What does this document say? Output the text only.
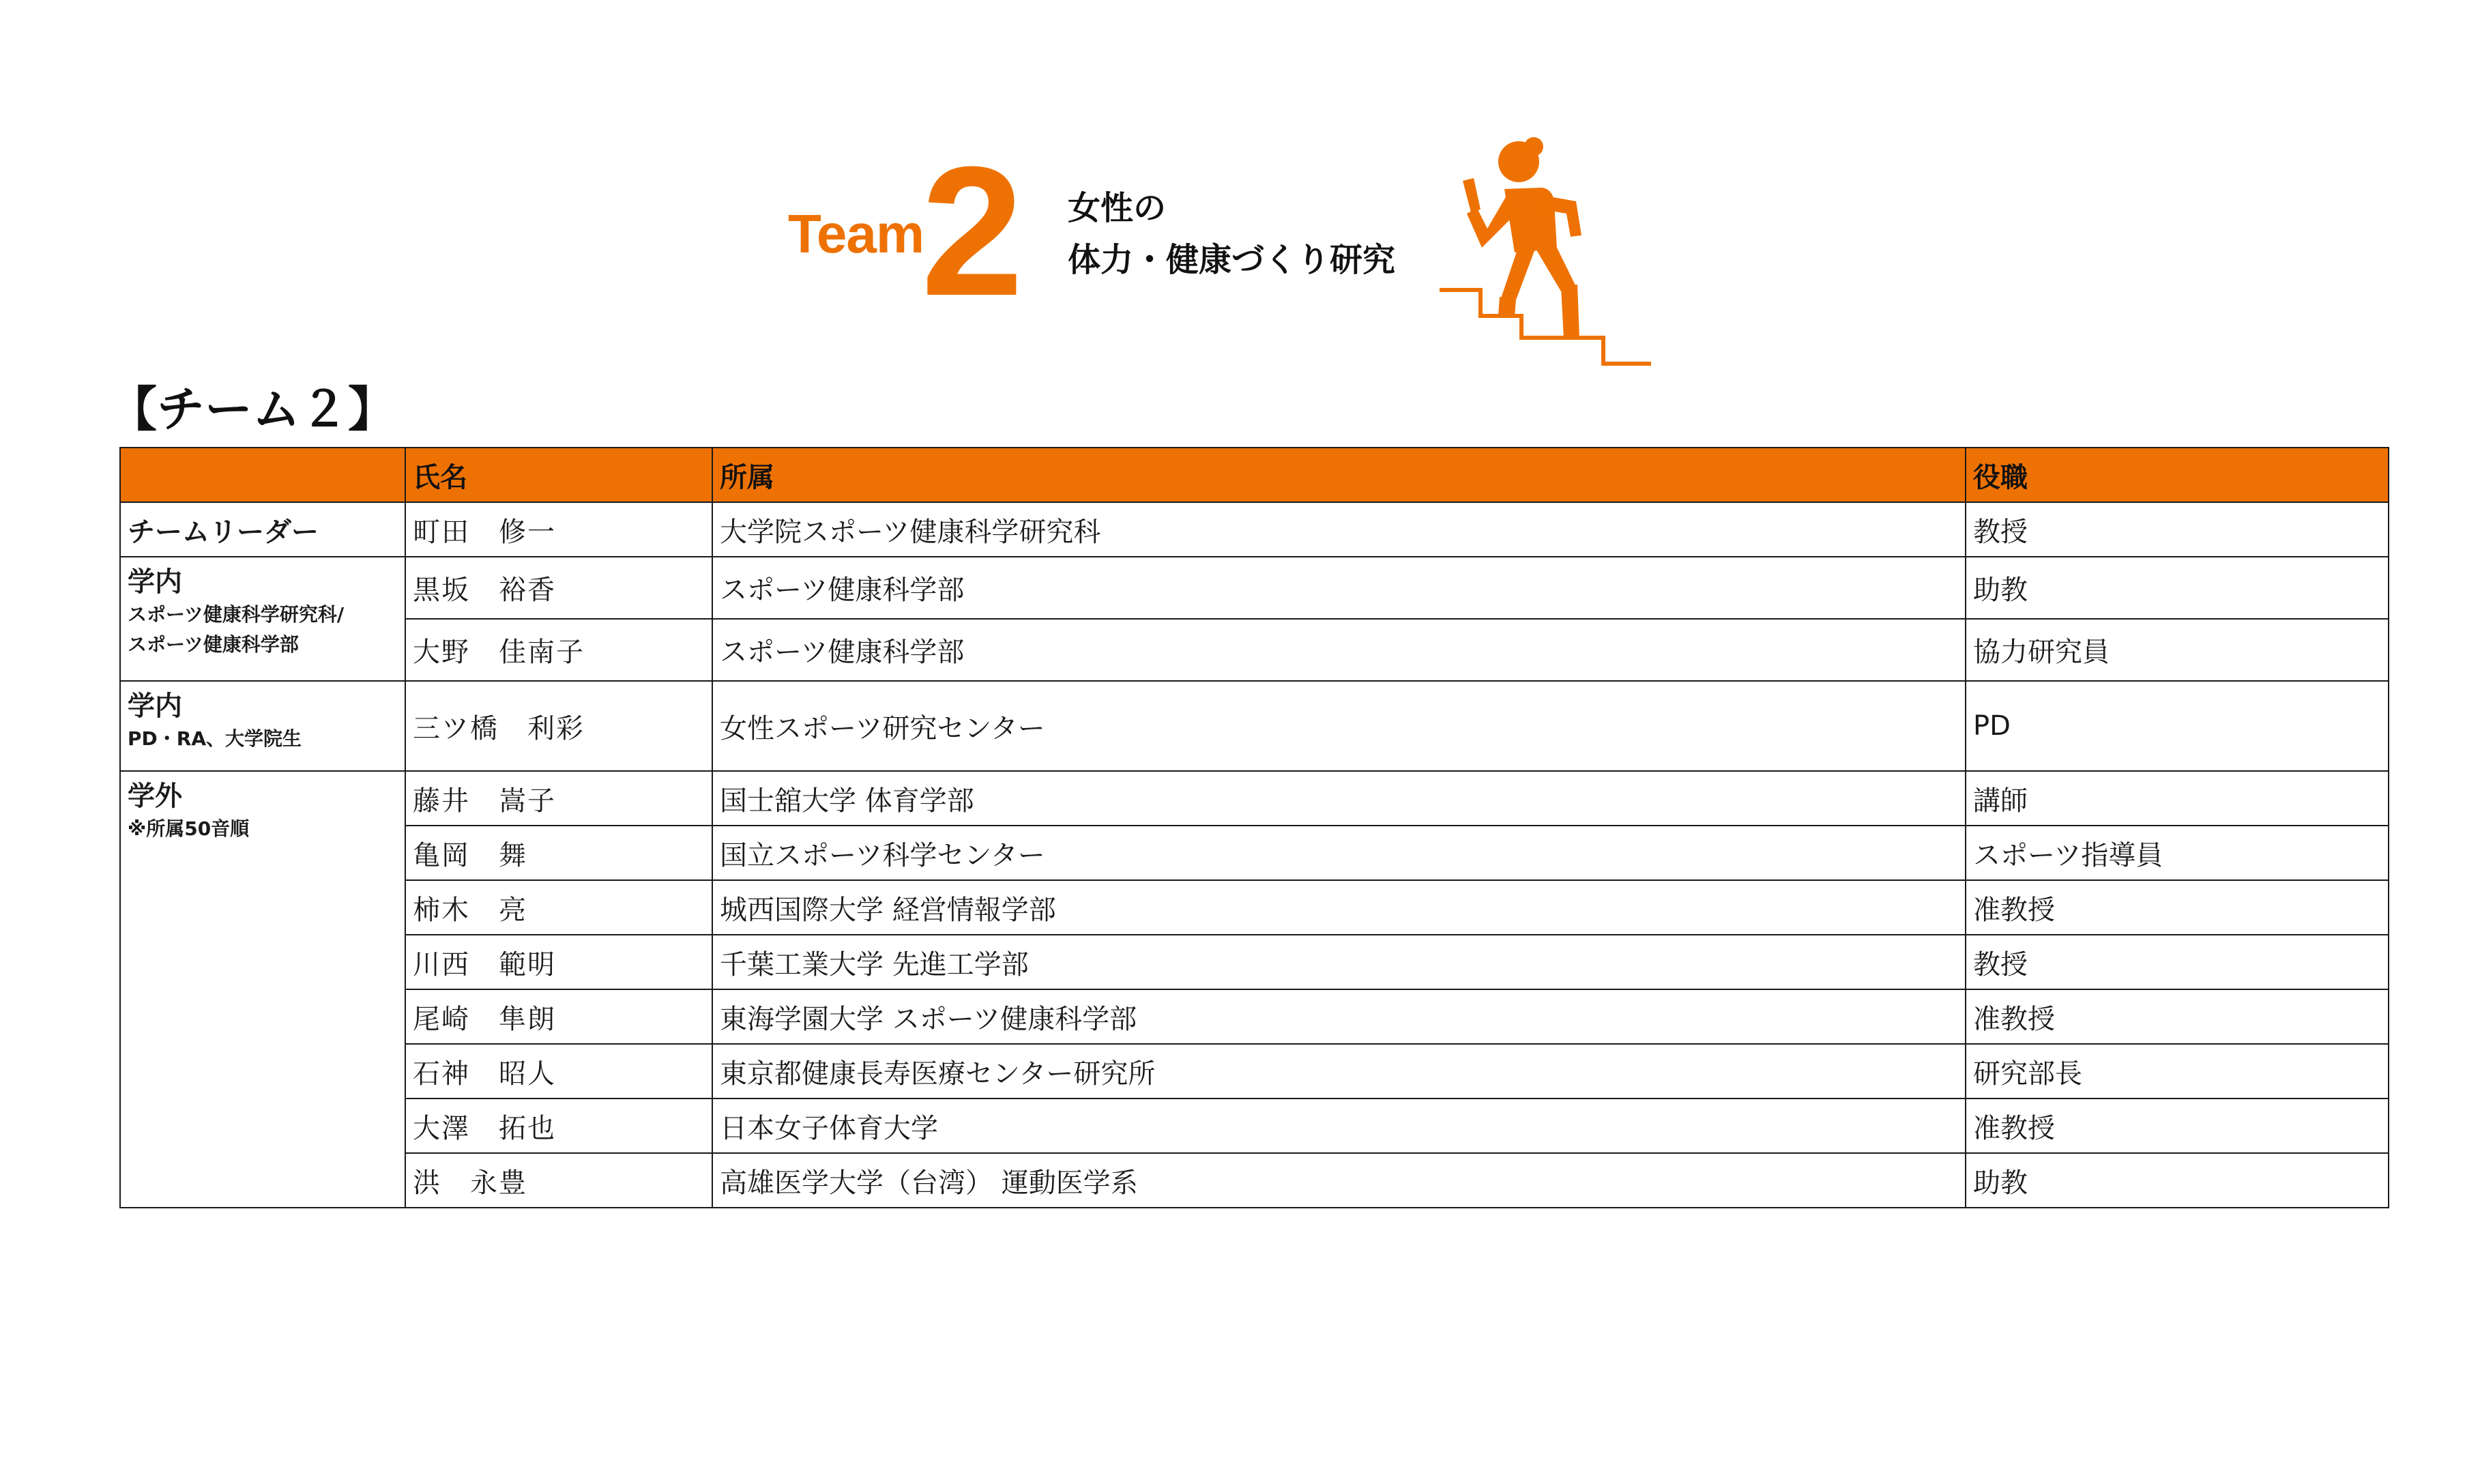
Team
2 女性の
体力・健康づくり研究
【チーム２】
	氏名	所属	役職
チームリーダー	町田　修一	大学院スポーツ健康科学研究科	教授

学内
スポーツ健康科学研究科/
スポーツ健康科学部	黒坂　裕香	スポーツ健康科学部	助教
	大野　佳南子	スポーツ健康科学部	協力研究員

学内
PD・RA、大学院生	三ツ橋　利彩	女性スポーツ研究センター	PD

学外
※所属50音順	藤井　嵩子	国士舘大学 体育学部	講師
	亀岡　舞	国立スポーツ科学センター	スポーツ指導員
	柿木　亮	城西国際大学 経営情報学部	准教授
	川西　範明	千葉工業大学 先進工学部	教授
	尾崎　隼朗	東海学園大学 スポーツ健康科学部	准教授
	石神　昭人	東京都健康長寿医療センター研究所	研究部長
	大澤　拓也	日本女子体育大学	准教授
	洪　永豊	高雄医学大学（台湾） 運動医学系	助教
